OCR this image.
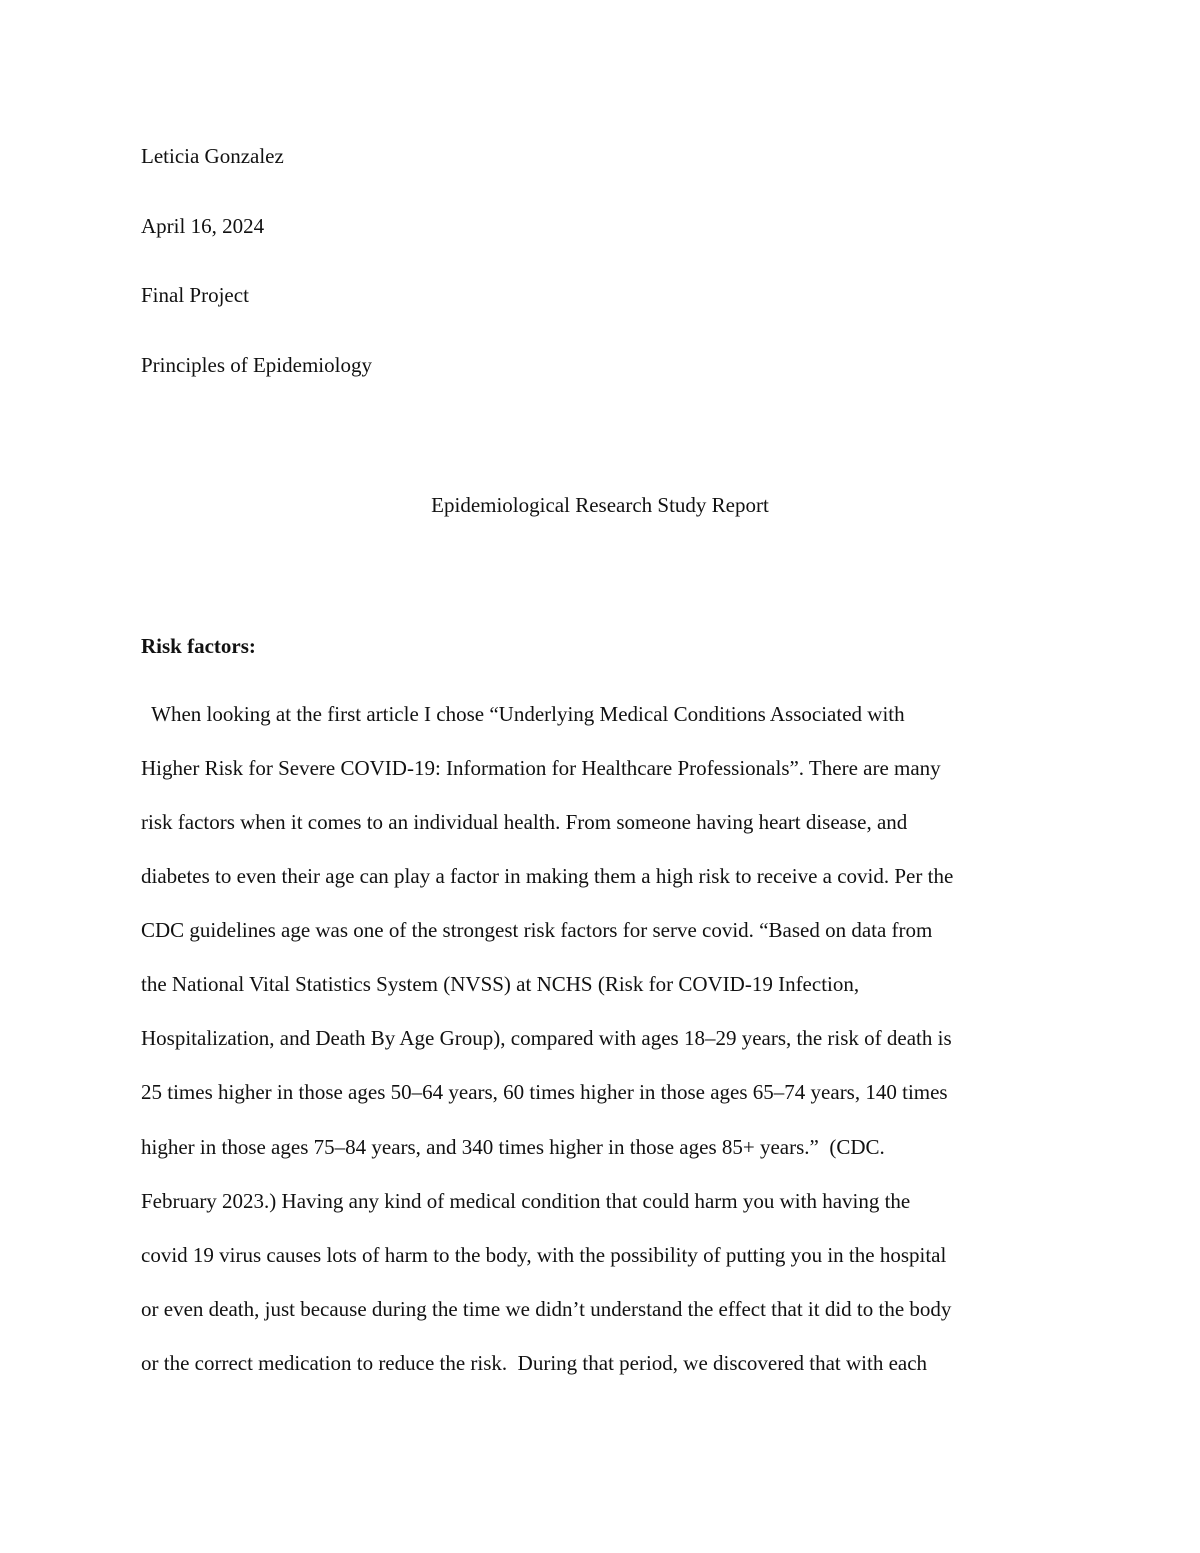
Leticia Gonzalez
April 16, 2024
Final Project
Principles of Epidemiology
Epidemiological Research Study Report
Risk factors:
When looking at the first article I chose “Underlying Medical Conditions Associated with
Higher Risk for Severe COVID-19: Information for Healthcare Professionals”. There are many
risk factors when it comes to an individual health. From someone having heart disease, and
diabetes to even their age can play a factor in making them a high risk to receive a covid. Per the
CDC guidelines age was one of the strongest risk factors for serve covid. “Based on data from
the National Vital Statistics System (NVSS) at NCHS (Risk for COVID-19 Infection,
Hospitalization, and Death By Age Group), compared with ages 18–29 years, the risk of death is
25 times higher in those ages 50–64 years, 60 times higher in those ages 65–74 years, 140 times
higher in those ages 75–84 years, and 340 times higher in those ages 85+ years.”  (CDC.
February 2023.) Having any kind of medical condition that could harm you with having the
covid 19 virus causes lots of harm to the body, with the possibility of putting you in the hospital
or even death, just because during the time we didn’t understand the effect that it did to the body
or the correct medication to reduce the risk.  During that period, we discovered that with each
